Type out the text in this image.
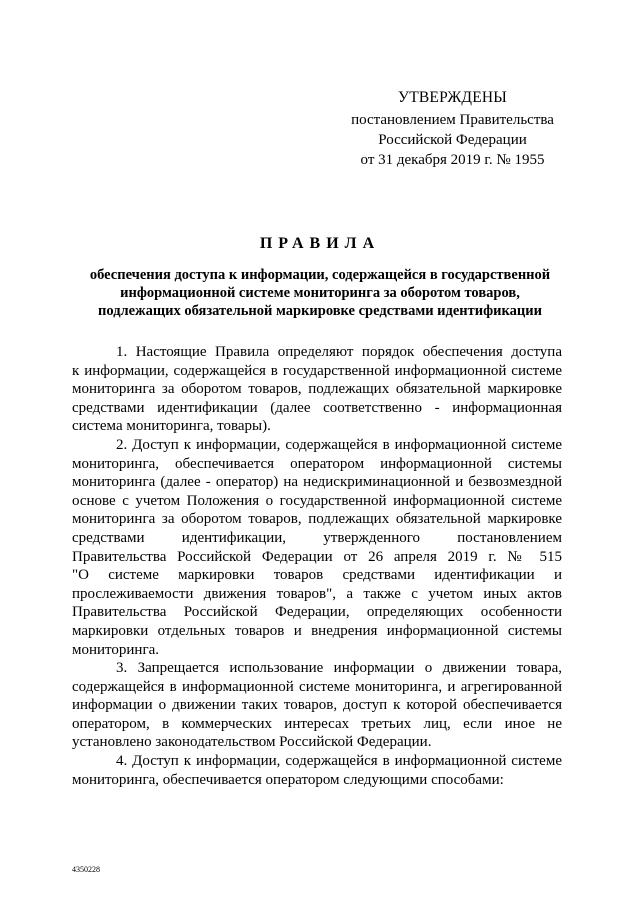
УТВЕРЖДЕНЫ
постановлением Правительства
Российской Федерации
от 31 декабря 2019 г. № 1955
ПРАВИЛА
обеспечения доступа к информации, содержащейся в государственной
информационной системе мониторинга за оборотом товаров,
подлежащих обязательной маркировке средствами идентификации
1. Настоящие Правила определяют порядок обеспечения доступа
к информации, содержащейся в государственной информационной системе
мониторинга за оборотом товаров, подлежащих обязательной маркировке
средствами идентификации (далее соответственно - информационная
система мониторинга, товары).
2. Доступ к информации, содержащейся в информационной системе
мониторинга, обеспечивается оператором информационной системы
мониторинга (далее - оператор) на недискриминационной и безвозмездной
основе с учетом Положения о государственной информационной системе
мониторинга за оборотом товаров, подлежащих обязательной маркировке
средствами идентификации, утвержденного постановлением
Правительства Российской Федерации от 26 апреля 2019 г. № 515
"О системе маркировки товаров средствами идентификации и
прослеживаемости движения товаров", а также с учетом иных актов
Правительства Российской Федерации, определяющих особенности
маркировки отдельных товаров и внедрения информационной системы
мониторинга.
3. Запрещается использование информации о движении товара,
содержащейся в информационной системе мониторинга, и агрегированной
информации о движении таких товаров, доступ к которой обеспечивается
оператором, в коммерческих интересах третьих лиц, если иное не
установлено законодательством Российской Федерации.
4. Доступ к информации, содержащейся в информационной системе
мониторинга, обеспечивается оператором следующими способами:
4350228
